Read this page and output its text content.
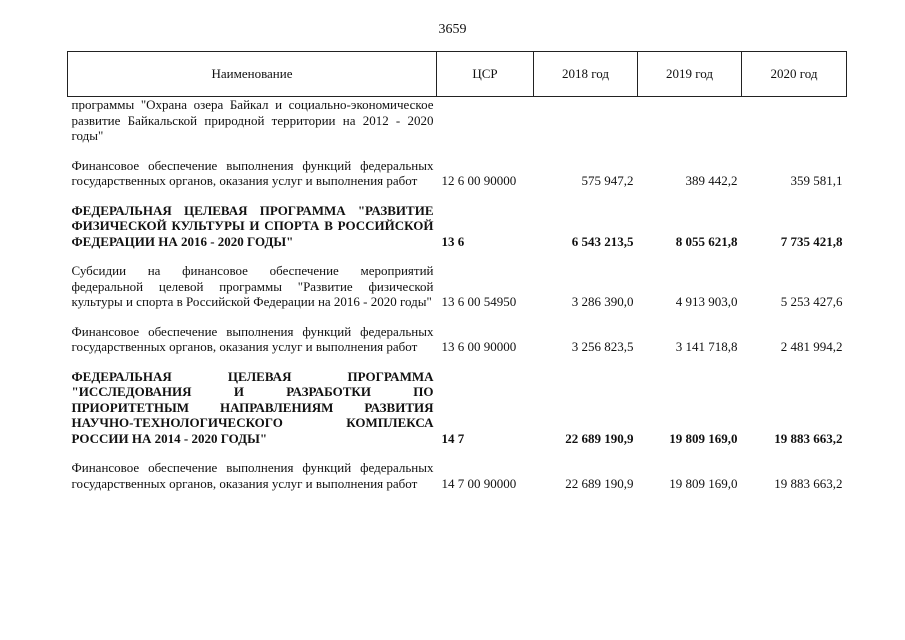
3659
Наименование	ЦСР	2018 год	2019 год	2020 год
программы "Охрана озера Байкал и социально-экономическое развитие Байкальской природной территории на 2012 - 2020 годы"				

Финансовое обеспечение выполнения функций федеральных государственных органов, оказания услуг и выполнения работ	12 6 00 90000	575 947,2	389 442,2	359 581,1

ФЕДЕРАЛЬНАЯ ЦЕЛЕВАЯ ПРОГРАММА "РАЗВИТИЕ ФИЗИЧЕСКОЙ КУЛЬТУРЫ И СПОРТА В РОССИЙСКОЙ ФЕДЕРАЦИИ НА 2016 - 2020 ГОДЫ"	13 6	6 543 213,5	8 055 621,8	7 735 421,8

Субсидии на финансовое обеспечение мероприятий федеральной целевой программы "Развитие физической культуры и спорта в Российской Федерации на 2016 - 2020 годы"	13 6 00 54950	3 286 390,0	4 913 903,0	5 253 427,6

Финансовое обеспечение выполнения функций федеральных государственных органов, оказания услуг и выполнения работ	13 6 00 90000	3 256 823,5	3 141 718,8	2 481 994,2

ФЕДЕРАЛЬНАЯ ЦЕЛЕВАЯ ПРОГРАММА "ИССЛЕДОВАНИЯ И РАЗРАБОТКИ ПО ПРИОРИТЕТНЫМ НАПРАВЛЕНИЯМ РАЗВИТИЯ НАУЧНО-ТЕХНОЛОГИЧЕСКОГО КОМПЛЕКСА РОССИИ НА 2014 - 2020 ГОДЫ"	14 7	22 689 190,9	19 809 169,0	19 883 663,2

Финансовое обеспечение выполнения функций федеральных государственных органов, оказания услуг и выполнения работ	14 7 00 90000	22 689 190,9	19 809 169,0	19 883 663,2
